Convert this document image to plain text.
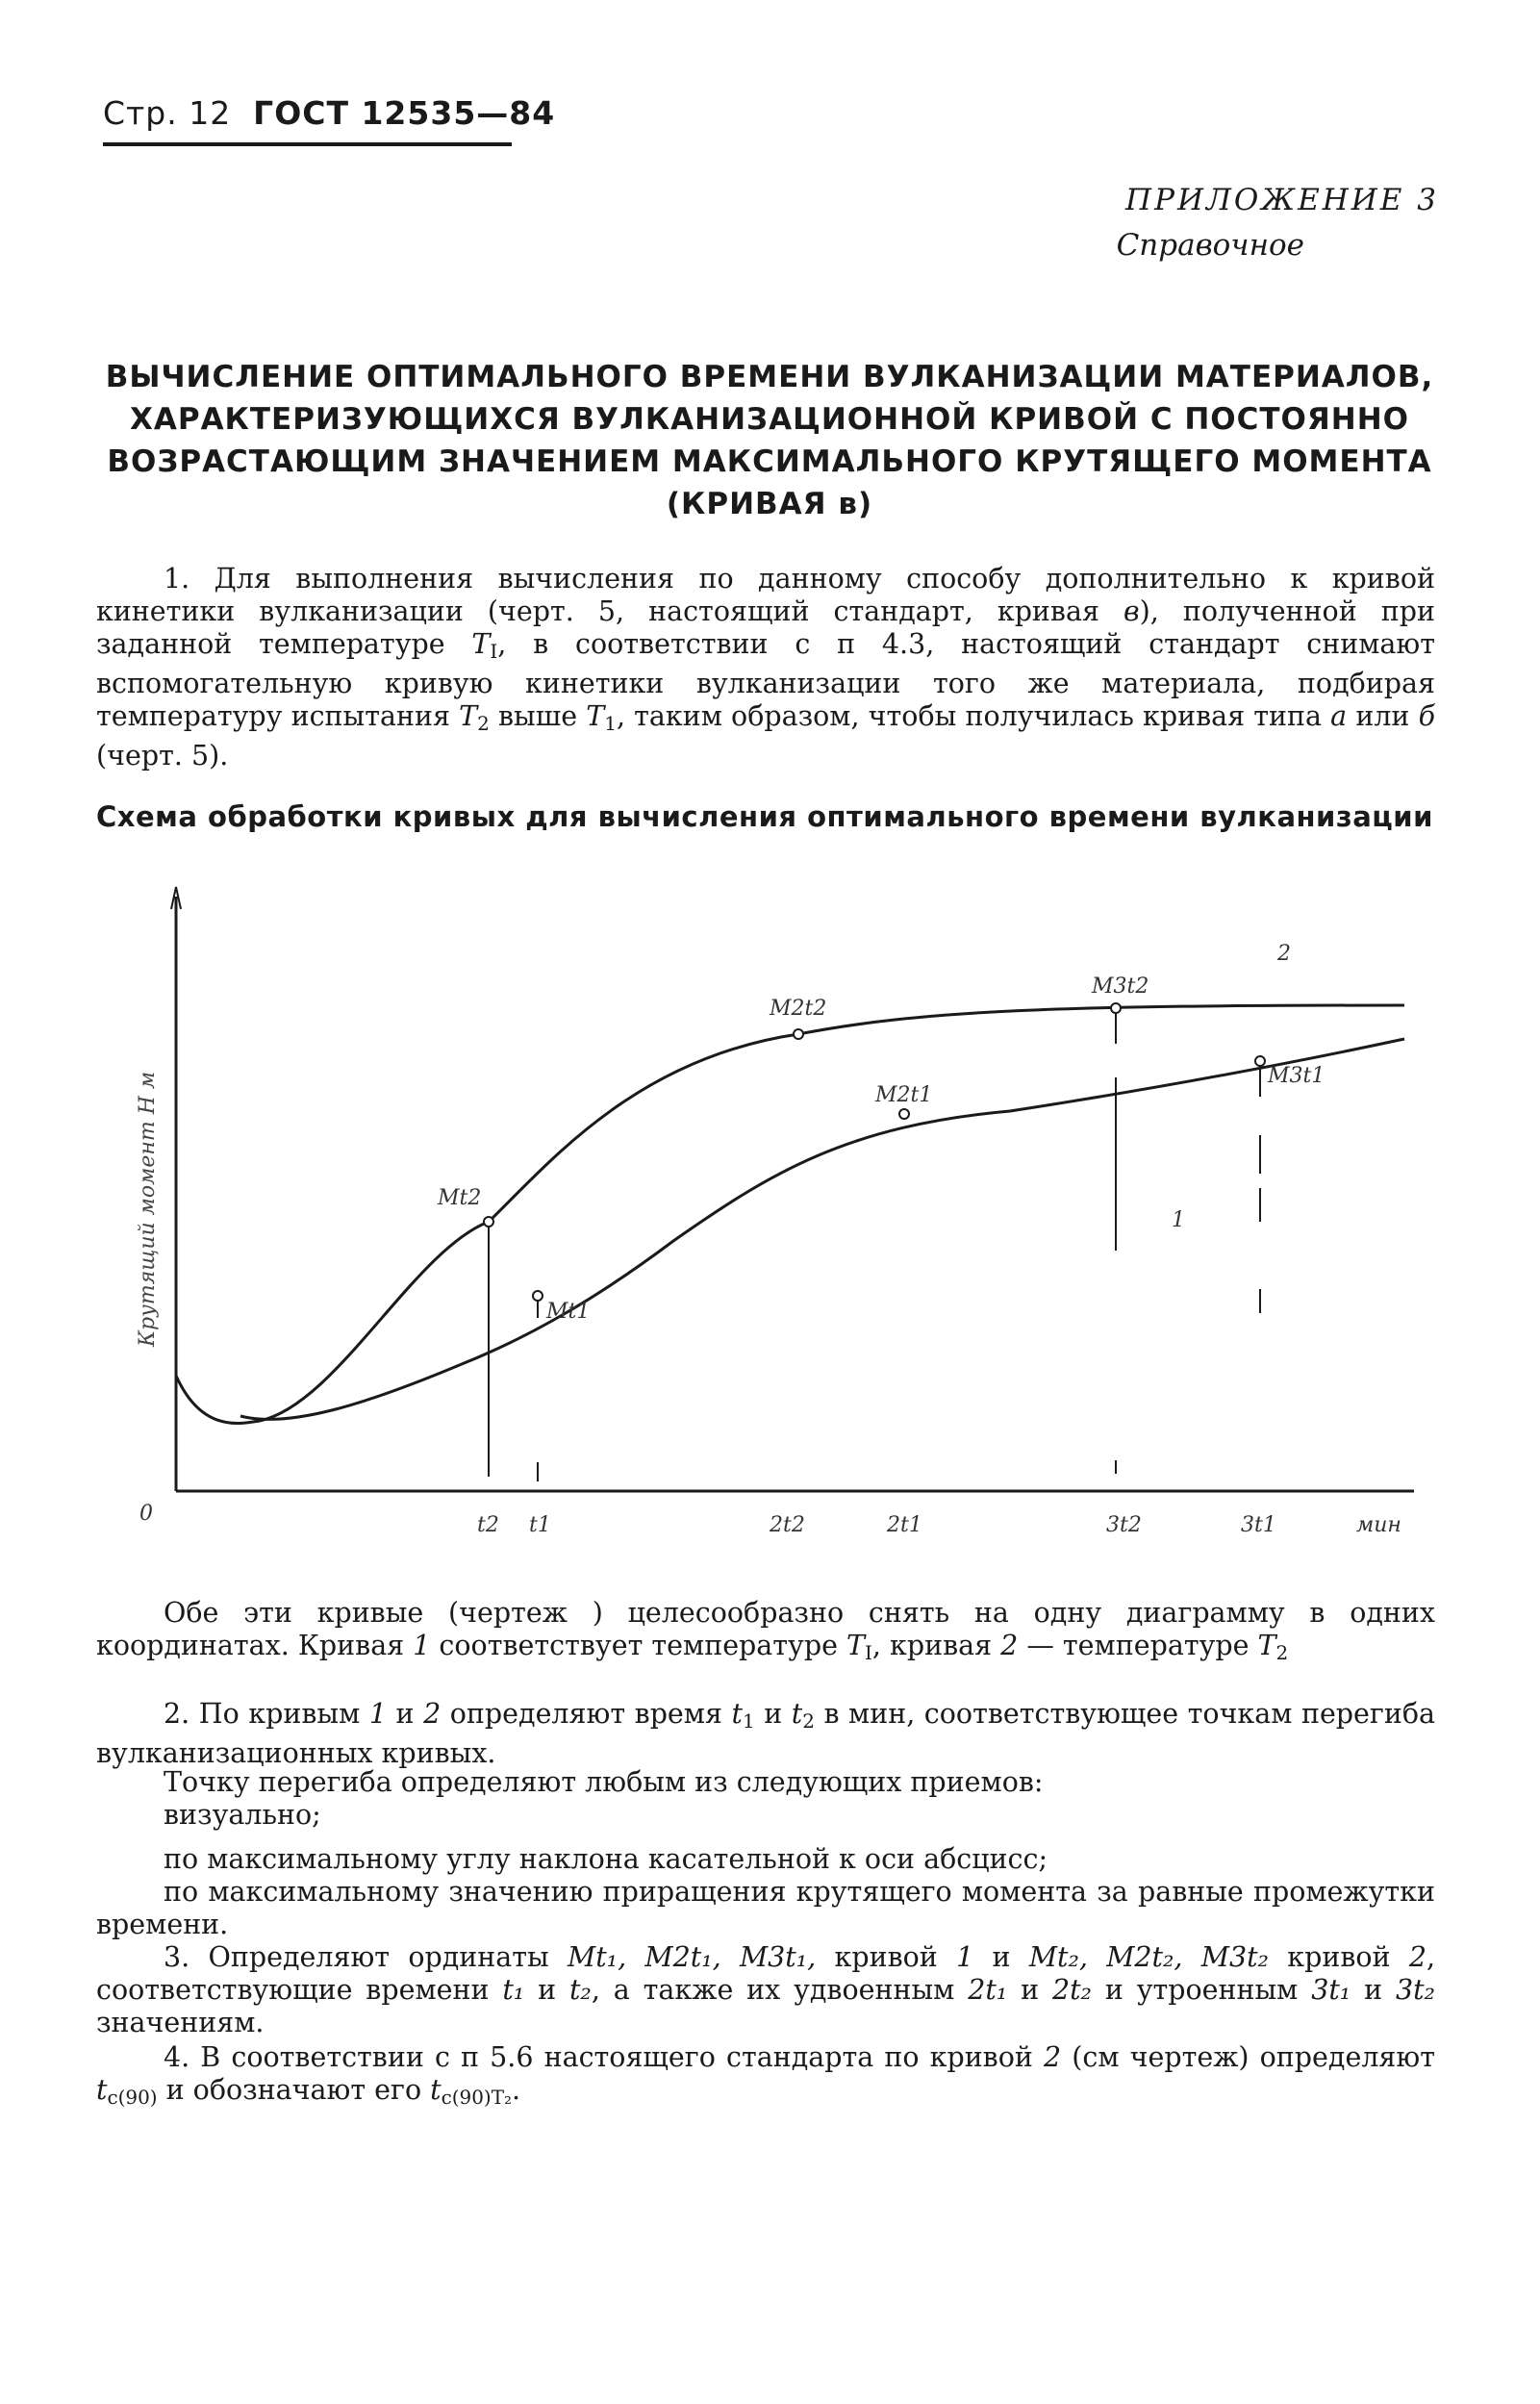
Стр. 12 ГОСТ 12535—84
ПРИЛОЖЕНИЕ 3
Справочное
ВЫЧИСЛЕНИЕ ОПТИМАЛЬНОГО ВРЕМЕНИ ВУЛКАНИЗАЦИИ МАТЕРИАЛОВ,
ХАРАКТЕРИЗУЮЩИХСЯ ВУЛКАНИЗАЦИОННОЙ КРИВОЙ С ПОСТОЯННО
ВОЗРАСТАЮЩИМ ЗНАЧЕНИЕМ МАКСИМАЛЬНОГО КРУТЯЩЕГО МОМЕНТА
(КРИВАЯ в)
1. Для выполнения вычисления по данному способу дополнительно к кривой кинетики вулканизации (черт. 5, настоящий стандарт, кривая в), полученной при заданной температуре $T_I$, в соответствии с п 4.3, настоящий стандарт снимают вспомогательную кривую кинетики вулканизации того же материала, подбирая температуру испытания $T_2$ выше $T_1$, таким образом, чтобы получилась кривая типа а или б (черт. 5).
Схема обработки кривых для вычисления оптимального времени вулканизации
Крутящий момент Н м
0	t2 t1	2t2	2t1	3t2	3t1	мин
1
2
Mt2
Mt1
M2t2
M2t1
M3t2
M3t1
Обе эти кривые (чертеж ) целесообразно снять на одну диаграмму в одних координатах. Кривая 1 соответствует температуре $T_I$, кривая 2 — температуре $T_2$
2. По кривым 1 и 2 определяют время $t_1$ и $t_2$ в мин, соответствующее точкам перегиба вулканизационных кривых.
Точку перегиба определяют любым из следующих приемов:
визуально;
по максимальному углу наклона касательной к оси абсцисс;
по максимальному значению приращения крутящего момента за равные промежутки времени.
3. Определяют ординаты Mt₁, M2t₁, M3t₁, кривой 1 и Mt₂, M2t₂, M3t₂ кривой 2, соответствующие времени t₁ и t₂, а также их удвоенным 2t₁ и 2t₂ и утроенным 3t₁ и 3t₂ значениям.
4. В соответствии с п 5.6 настоящего стандарта по кривой 2 (см чертеж) определяют $t_{c(90)}$ и обозначают его $t_{c(90)T_2}$.
